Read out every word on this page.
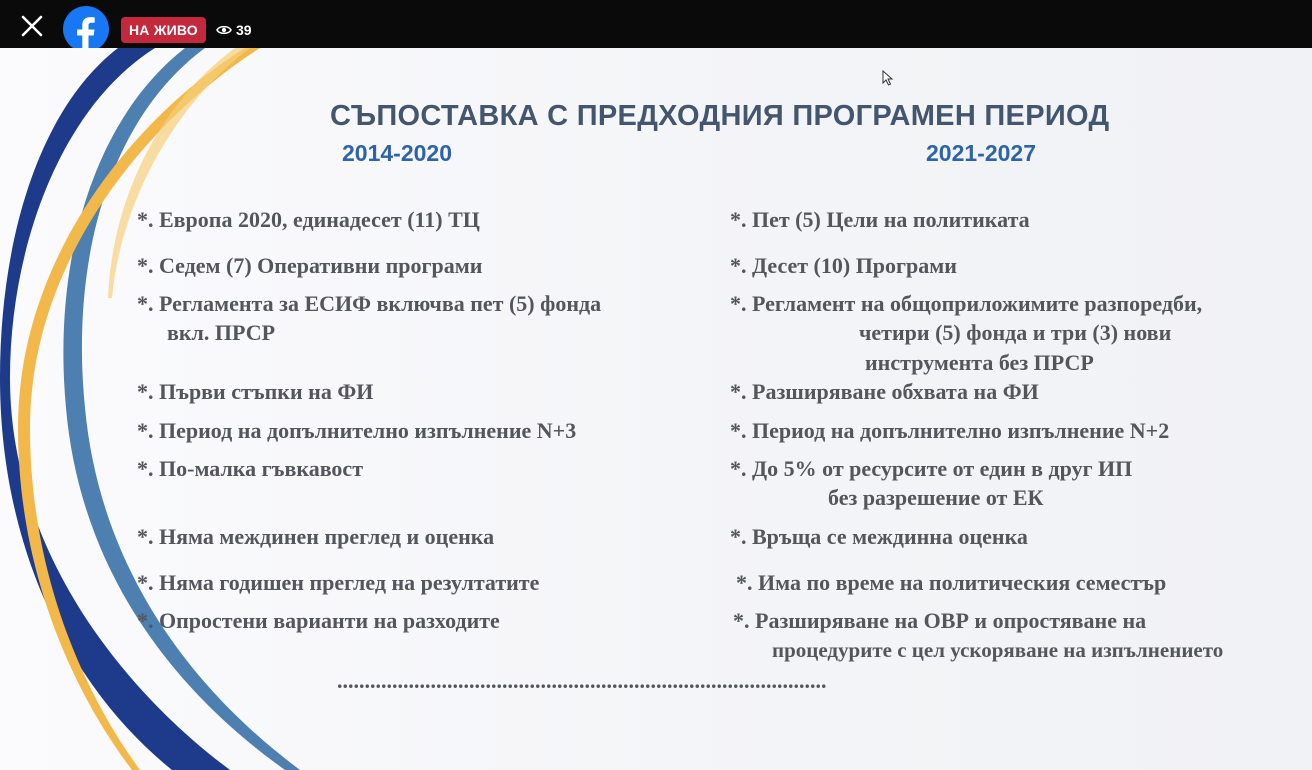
НА ЖИВО	39
СЪПОСТАВКА С ПРЕДХОДНИЯ ПРОГРАМЕН ПЕРИОД
2014-2020	2021-2027
*. Европа 2020, единадесет (11) ТЦ
*. Седем (7) Оперативни програми
*. Регламента за ЕСИФ включва пет (5) фонда
вкл. ПРСР
*. Първи стъпки на ФИ
*. Период на допълнително изпълнение N+3
*. По-малка гъвкавост
*. Няма междинен преглед и оценка
*. Няма годишен преглед на резултатите
*. Опростени варианти на разходите
*. Пет (5) Цели на политиката
*. Десет (10) Програми
*. Регламент на общоприложимите разпоредби,
четири (5) фонда и три (3) нови
инструмента без ПРСР
*. Разширяване обхвата на ФИ
*. Период на допълнително изпълнение N+2
*. До 5% от ресурсите от един в друг ИП
без разрешение от ЕК
*. Връща се междинна оценка
*. Има по време на политическия семестър
*. Разширяване на ОВР и опростяване на
процедурите с цел ускоряване на изпълнението
.........................................................................................
